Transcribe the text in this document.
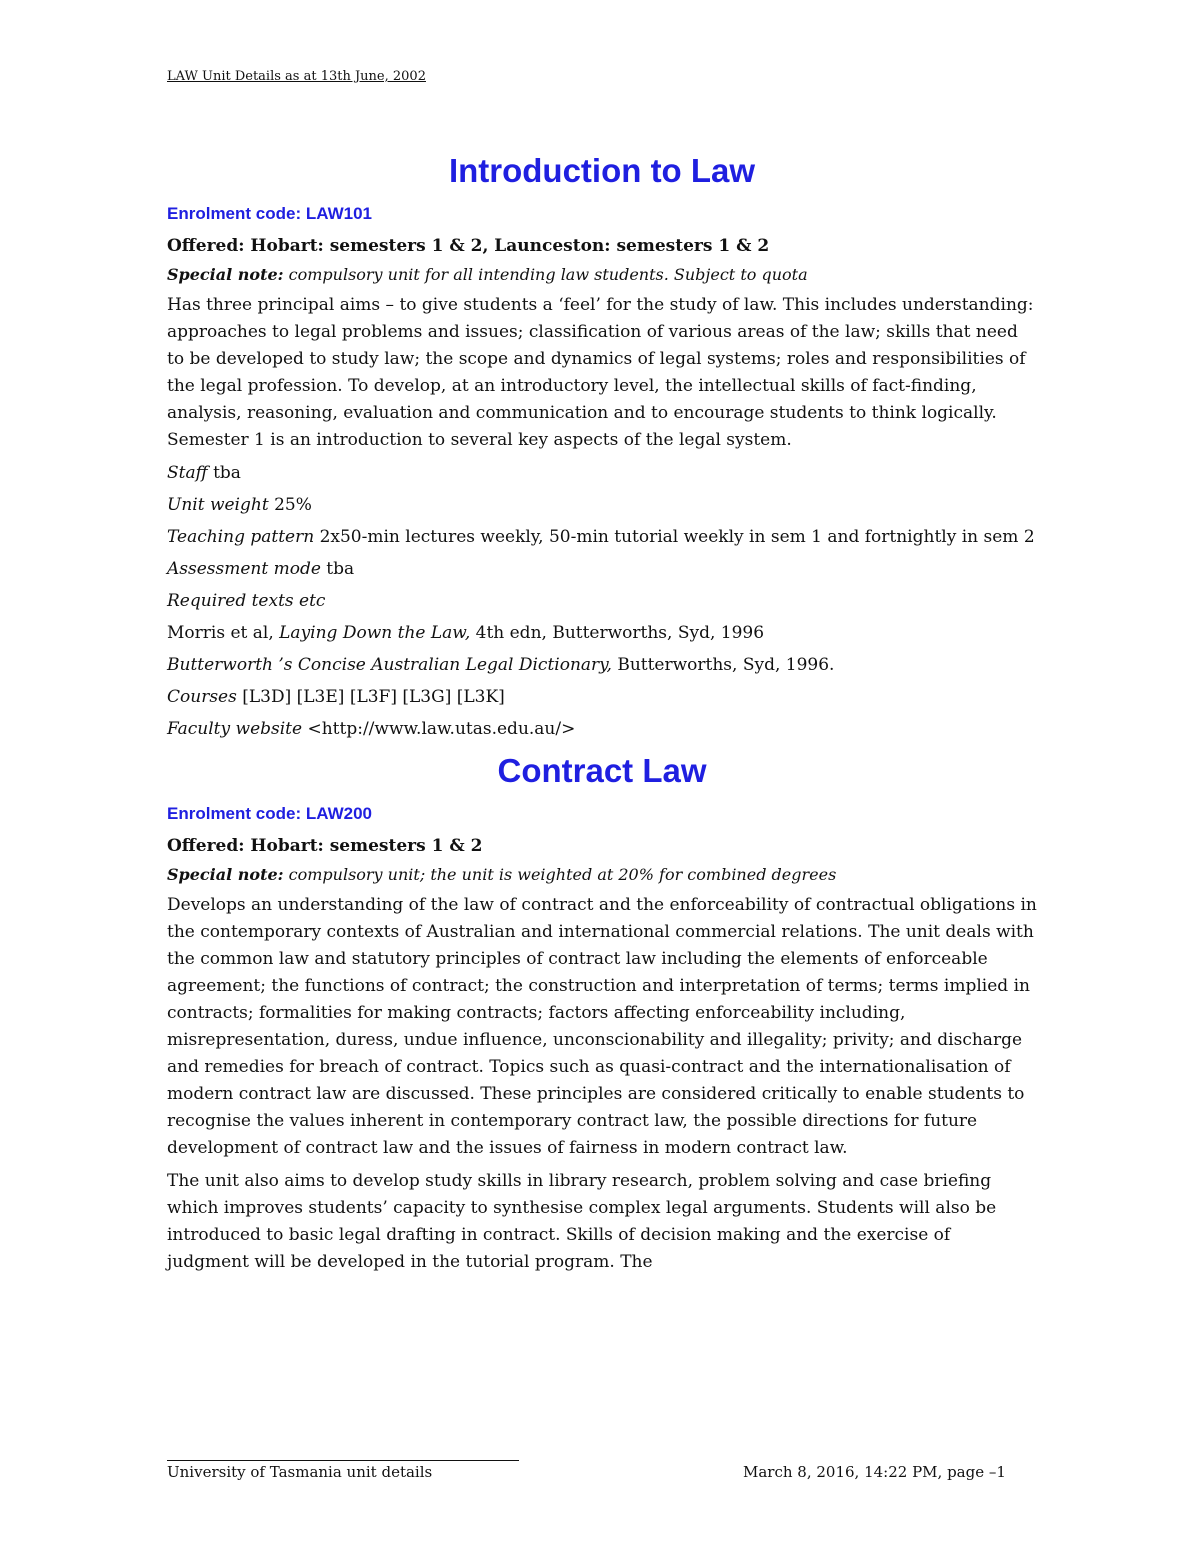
LAW Unit Details as at 13th June, 2002
Introduction to Law
Enrolment code: LAW101
Offered: Hobart: semesters 1 & 2, Launceston: semesters 1 & 2
Special note: compulsory unit for all intending law students. Subject to quota

Has three principal aims – to give students a ‘feel’ for the study of law. This includes understanding: approaches to legal problems and issues; classification of various areas of the law; skills that need to be developed to study law; the scope and dynamics of legal systems; roles and responsibilities of the legal profession. To develop, at an introductory level, the intellectual skills of fact-finding, analysis, reasoning, evaluation and communication and to encourage students to think logically. Semester 1 is an introduction to several key aspects of the legal system.

Staff tba
Unit weight 25%
Teaching pattern 2x50-min lectures weekly, 50-min tutorial weekly in sem 1 and fortnightly in sem 2
Assessment mode tba
Required texts etc
Morris et al, Laying Down the Law, 4th edn, Butterworths, Syd, 1996
Butterworth ’s Concise Australian Legal Dictionary, Butterworths, Syd, 1996.
Courses [L3D] [L3E] [L3F] [L3G] [L3K]
Faculty website <http://www.law.utas.edu.au/>
Contract Law
Enrolment code: LAW200
Offered: Hobart: semesters 1 & 2
Special note: compulsory unit; the unit is weighted at 20% for combined degrees

Develops an understanding of the law of contract and the enforceability of contractual obligations in the contemporary contexts of Australian and international commercial relations. The unit deals with the common law and statutory principles of contract law including the elements of enforceable agreement; the functions of contract; the construction and interpretation of terms; terms implied in contracts; formalities for making contracts; factors affecting enforceability including, misrepresentation, duress, undue influence, unconscionability and illegality; privity; and discharge and remedies for breach of contract. Topics such as quasi-contract and the internationalisation of modern contract law are discussed. These principles are considered critically to enable students to recognise the values inherent in contemporary contract law, the possible directions for future development of contract law and the issues of fairness in modern contract law.

The unit also aims to develop study skills in library research, problem solving and case briefing which improves students’ capacity to synthesise complex legal arguments. Students will also be introduced to basic legal drafting in contract. Skills of decision making and the exercise of judgment will be developed in the tutorial program. The

University of Tasmania unit details	March 8, 2016, 14:22 PM, page –1
